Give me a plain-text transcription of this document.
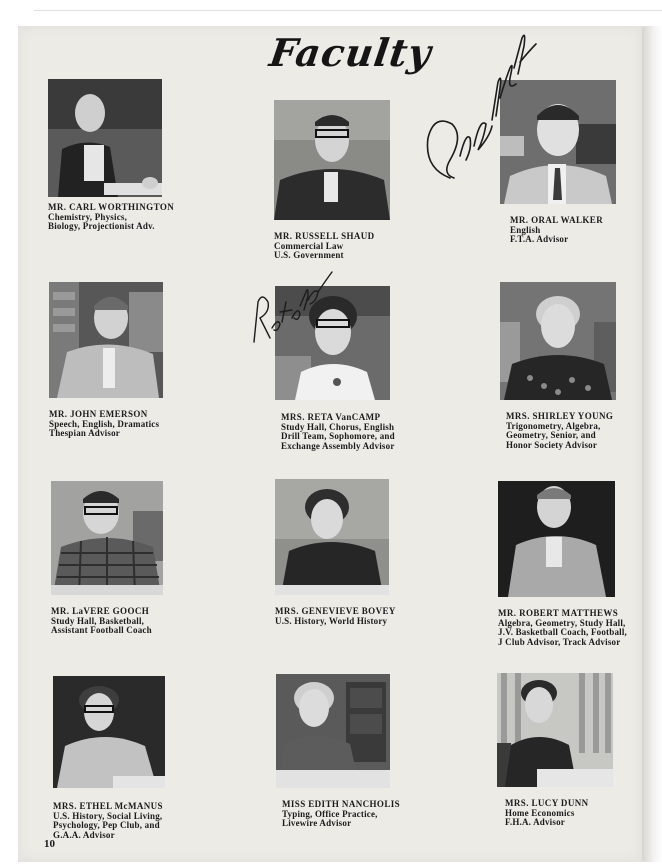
Faculty
MR. CARL WORTHINGTON
Chemistry, Physics,
Biology, Projectionist Adv.
MR. RUSSELL SHAUD
Commercial Law
U.S. Government
MR. ORAL WALKER
English
F.T.A. Advisor
MR. JOHN EMERSON
Speech, English, Dramatics
Thespian Advisor
MRS. RETA VanCAMP
Study Hall, Chorus, English
Drill Team, Sophomore, and
Exchange Assembly Advisor
MRS. SHIRLEY YOUNG
Trigonometry, Algebra,
Geometry, Senior, and
Honor Society Advisor
MR. LaVERE GOOCH
Study Hall, Basketball,
Assistant Football Coach
MRS. GENEVIEVE BOVEY
U.S. History, World History
MR. ROBERT MATTHEWS
Algebra, Geometry, Study Hall,
J.V. Basketball Coach, Football,
J Club Advisor, Track Advisor
MRS. ETHEL McMANUS
U.S. History, Social Living,
Psychology, Pep Club, and
G.A.A. Advisor
MISS EDITH NANCHOLIS
Typing, Office Practice,
Livewire Advisor
MRS. LUCY DUNN
Home Economics
F.H.A. Advisor
10
